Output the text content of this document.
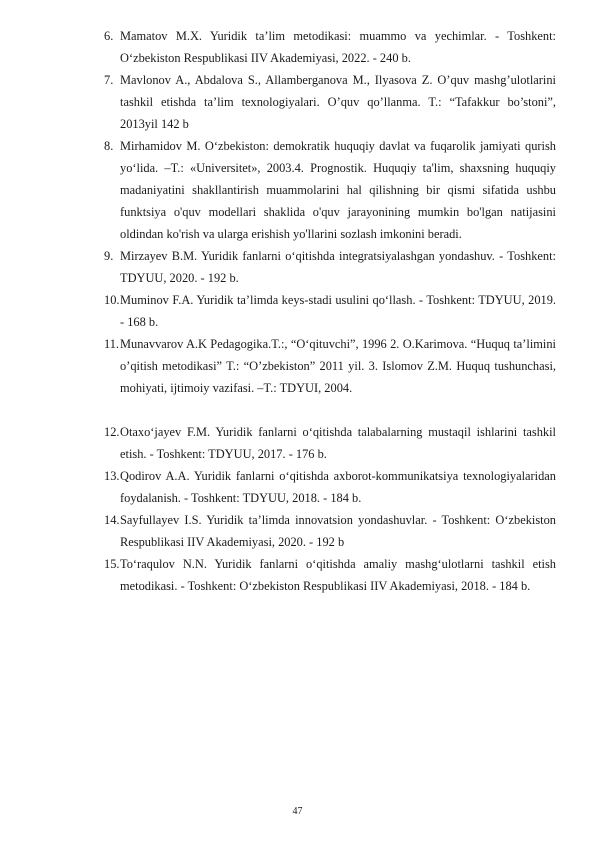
6. Mamatov M.X. Yuridik ta’lim metodikasi: muammo va yechimlar. - Toshkent: O‘zbekiston Respublikasi IIV Akademiyasi, 2022. - 240 b.
7. Mavlonov A., Abdalova S., Allamberganova M., Ilyasova Z. O’quv mashg’ulotlarini tashkil etishda ta’lim texnologiyalari. O’quv qo’llanma. T.: “Tafakkur bo’stoni”, 2013yil 142 b
8. Mirhamidov M. O‘zbekiston: demokratik huquqiy davlat va fuqarolik jamiyati qurish yo‘lida. –T.: «Universitet», 2003.4. Prognostik. Huquqiy ta'lim, shaxsning huquqiy madaniyatini shakllantirish muammolarini hal qilishning bir qismi sifatida ushbu funktsiya o'quv modellari shaklida o'quv jarayonining mumkin bo'lgan natijasini oldindan ko'rish va ularga erishish yo'llarini sozlash imkonini beradi.
9. Mirzayev B.M. Yuridik fanlarni o‘qitishda integratsiyalashgan yondashuv. - Toshkent: TDYUU, 2020. - 192 b.
10. Muminov F.A. Yuridik ta’limda keys-stadi usulini qo‘llash. - Toshkent: TDYUU, 2019. - 168 b.
11. Munavvarov A.K Pedagogika.T.:, “O‘qituvchi”, 1996 2. O.Karimova. “Huquq ta’limini o’qitish metodikasi” T.: “O’zbekiston” 2011 yil. 3. Islomov Z.M. Huquq tushunchasi, mohiyati, ijtimoiy vazifasi. –T.: TDYUI, 2004.
12. Otaxo‘jayev F.M. Yuridik fanlarni o‘qitishda talabalarning mustaqil ishlarini tashkil etish. - Toshkent: TDYUU, 2017. - 176 b.
13. Qodirov A.A. Yuridik fanlarni o‘qitishda axborot-kommunikatsiya texnologiyalaridan foydalanish. - Toshkent: TDYUU, 2018. - 184 b.
14. Sayfullayev I.S. Yuridik ta’limda innovatsion yondashuvlar. - Toshkent: O‘zbekiston Respublikasi IIV Akademiyasi, 2020. - 192 b
15. To‘raqulov N.N. Yuridik fanlarni o‘qitishda amaliy mashg‘ulotlarni tashkil etish metodikasi. - Toshkent: O‘zbekiston Respublikasi IIV Akademiyasi, 2018. - 184 b.
47
